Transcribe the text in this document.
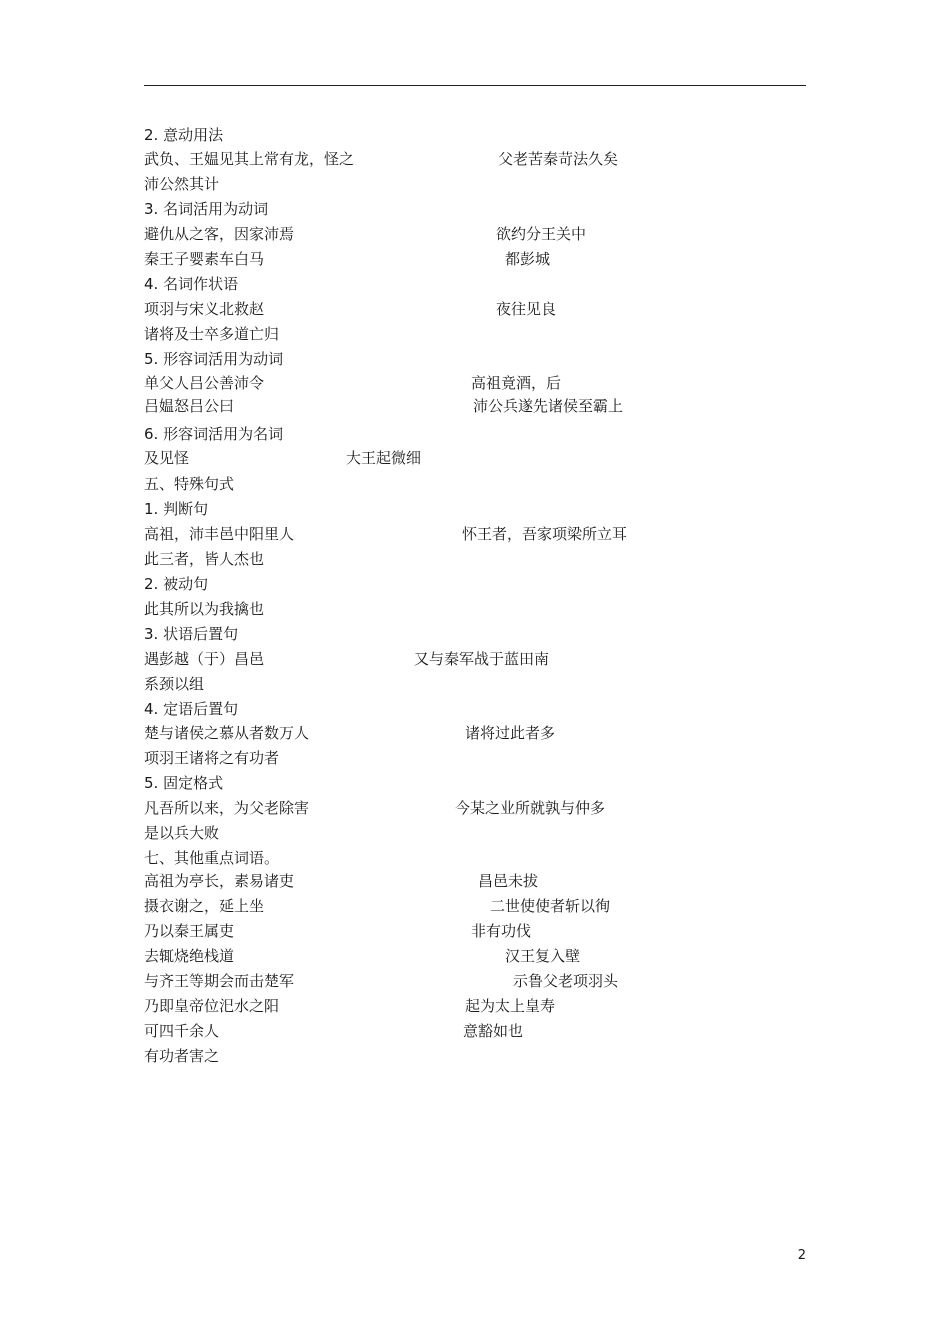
2. 意动用法
武负、王媪见其上常有龙，怪之	父老苦秦苛法久矣
沛公然其计
3. 名词活用为动词
避仇从之客，因家沛焉	欲约分王关中
秦王子婴素车白马	都彭城
4. 名词作状语
项羽与宋义北救赵	夜往见良
诸将及士卒多道亡归
5. 形容词活用为动词
单父人吕公善沛令	高祖竟酒，后
吕媪怒吕公曰	沛公兵遂先诸侯至霸上
6. 形容词活用为名词
及见怪	大王起微细
五、特殊句式
1. 判断句
高祖，沛丰邑中阳里人	怀王者，吾家项梁所立耳
此三者，皆人杰也
2. 被动句
此其所以为我擒也
3. 状语后置句
遇彭越（于）昌邑	又与秦军战于蓝田南
系颈以组
4. 定语后置句
楚与诸侯之慕从者数万人	诸将过此者多
项羽王诸将之有功者
5. 固定格式
凡吾所以来，为父老除害	今某之业所就孰与仲多
是以兵大败
七、其他重点词语。
高祖为亭长，素易诸吏	昌邑未拔
摄衣谢之，延上坐	二世使使者斩以徇
乃以秦王属吏	非有功伐
去辄烧绝栈道	汉王复入壁
与齐王等期会而击楚军	示鲁父老项羽头
乃即皇帝位汜水之阳	起为太上皇寿
可四千余人	意豁如也
有功者害之
2
